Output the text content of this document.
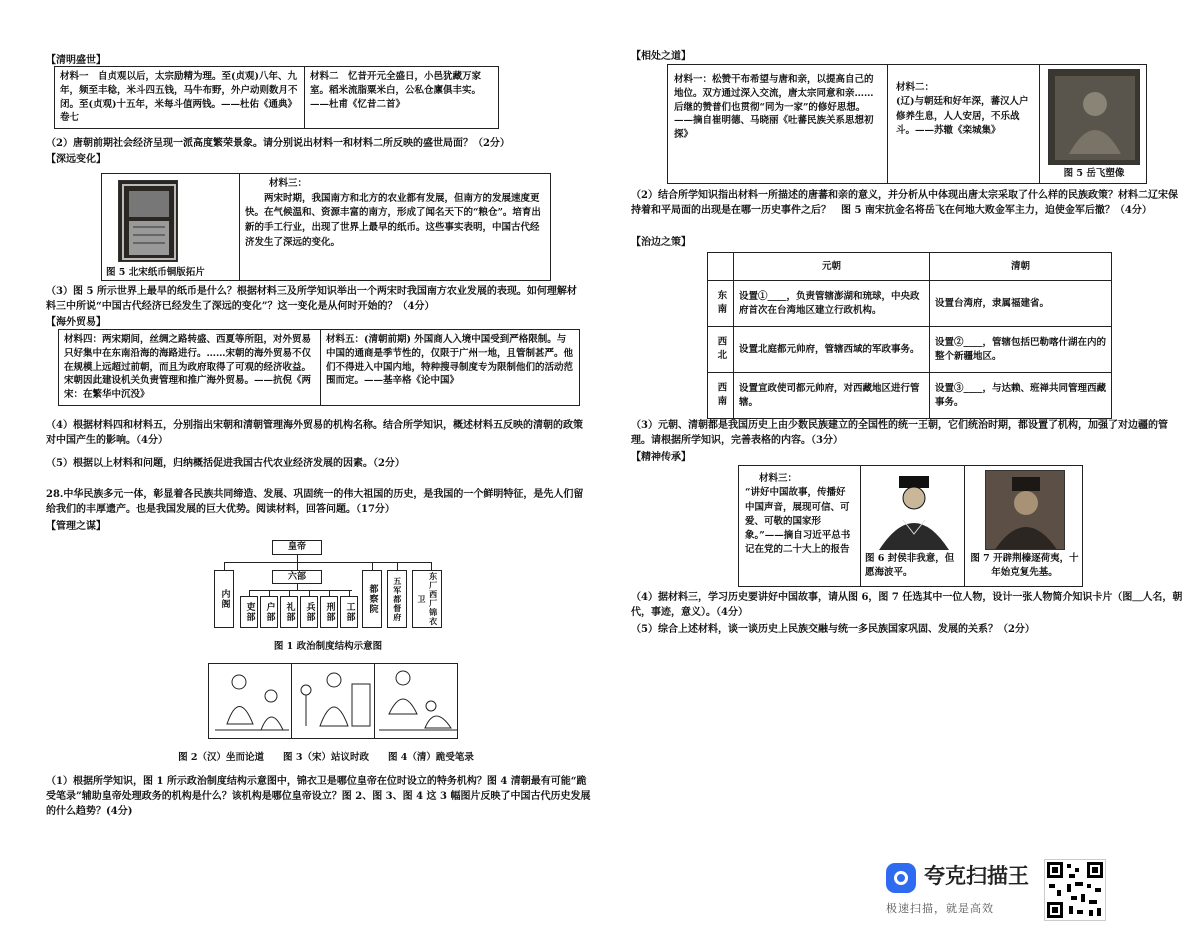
【清明盛世】
材料一　自贞观以后，太宗励精为理。至(贞观)八年、九年，频至丰稔，米斗四五钱，马牛布野，外户动则数月不闭。至(贞观)十五年，米每斗值两钱。——杜佑《通典》卷七	材料二　忆昔开元全盛日，小邑犹藏万家室。稻米流脂粟米白，公私仓廪俱丰实。——杜甫《忆昔二首》
（2）唐朝前期社会经济呈现一派高度繁荣景象。请分别说出材料一和材料二所反映的盛世局面？（2分）
【深远变化】
图 5 北宋纸币铜版拓片
材料三：
两宋时期，我国南方和北方的农业都有发展，但南方的发展速度更快。在气候温和、资源丰富的南方，形成了闻名天下的“粮仓”。培育出新的手工行业，出现了世界上最早的纸币。这些事实表明，中国古代经济发生了深远的变化。
（3）图 5 所示世界上最早的纸币是什么？根据材料三及所学知识举出一个两宋时我国南方农业发展的表现。如何理解材料三中所说“中国古代经济已经发生了深远的变化”？这一变化是从何时开始的？（4分）
【海外贸易】
材料四：两宋期间，丝绸之路转盛、西夏等所阻，对外贸易只好集中在东南沿海的海路进行。……宋朝的海外贸易不仅在规模上远超过前朝，而且为政府取得了可观的经济收益。宋朝因此建设机关负责管理和推广海外贸易。——抗倪《两宋：在繁华中沉没》	材料五：(清朝前期) 外国商人入境中国受到严格限制。与中国的通商是季节性的，仅限于广州一地，且管制甚严。他们不得进入中国内地，特种搜寻制度专为限制他们的活动范围而定。——基辛格《论中国》
（4）根据材料四和材料五，分别指出宋朝和清朝管理海外贸易的机构名称。结合所学知识，概述材料五反映的清朝的政策对中国产生的影响。（4分）
（5）根据以上材料和问题，归纳概括促进我国古代农业经济发展的因素。（2分）
28.中华民族多元一体，彰显着各民族共同缔造、发展、巩固统一的伟大祖国的历史，是我国的一个鲜明特征，是先人们留给我们的丰厚遗产。也是我国发展的巨大优势。阅读材料，回答问题。（17分）
【管理之谋】
皇帝
内阁
六部
吏部	户部	礼部	兵部	刑部	工部	都察院	五军都督府	东厂西厂锦衣卫
图 1 政治制度结构示意图
图 2（汉）坐而论道　　图 3（宋）站议时政　　图 4（清）跪受笔录
（1）根据所学知识，图 1 所示政治制度结构示意图中，锦衣卫是哪位皇帝在位时设立的特务机构？图 4 清朝最有可能“跪受笔录”辅助皇帝处理政务的机构是什么？该机构是哪位皇帝设立？图 2、图 3、图 4 这 3 幅图片反映了中国古代历史发展的什么趋势？(4分)
【相处之道】
材料一：松赞干布希望与唐和亲，以提高自己的地位。双方通过深入交流，唐太宗同意和亲……后继的赞普们也贯彻“同为一家”的修好思想。——摘自崔明德、马晓丽《吐蕃民族关系思想初探》
材料二：
(辽)与朝廷和好年深，蕃汉人户修养生息，人人安居，不乐战斗。——苏辙《栾城集》
图 5 岳飞塑像
（2）结合所学知识指出材料一所描述的唐蕃和亲的意义，并分析从中体现出唐太宗采取了什么样的民族政策？材料二辽宋保持着和平局面的出现是在哪一历史事件之后？　图 5 南宋抗金名将岳飞在何地大败金军主力，迫使金军后撤？（4分）
【治边之策】
	元朝	清朝
东南	设置①____，负责管辖澎湖和琉球，中央政府首次在台湾地区建立行政机构。	设置台湾府，隶属福建省。
西北	设置北庭都元帅府，管辖西域的军政事务。	设置②____，管辖包括巴勒喀什湖在内的整个新疆地区。
西南	设置宣政使司都元帅府，对西藏地区进行管辖。	设置③____，与达赖、班禅共同管理西藏事务。
（3）元朝、清朝都是我国历史上由少数民族建立的全国性的统一王朝，它们统治时期，都设置了机构，加强了对边疆的管理。请根据所学知识，完善表格的内容。（3分）
【精神传承】
材料三：
“讲好中国故事，传播好中国声音，展现可信、可爱、可敬的国家形象。”——摘自习近平总书记在党的二十大上的报告
图 6 封侯非我意，但愿海波平。
图 7 开辟荆榛逐荷夷，十年始克复先基。
（4）据材料三，学习历史要讲好中国故事，请从图 6，图 7 任选其中一位人物，设计一张人物简介知识卡片（图＿人名，朝代，事迹，意义）。（4分）
（5）综合上述材料，谈一谈历史上民族交融与统一多民族国家巩固、发展的关系？（2分）
夸克扫描王
极速扫描，就是高效
